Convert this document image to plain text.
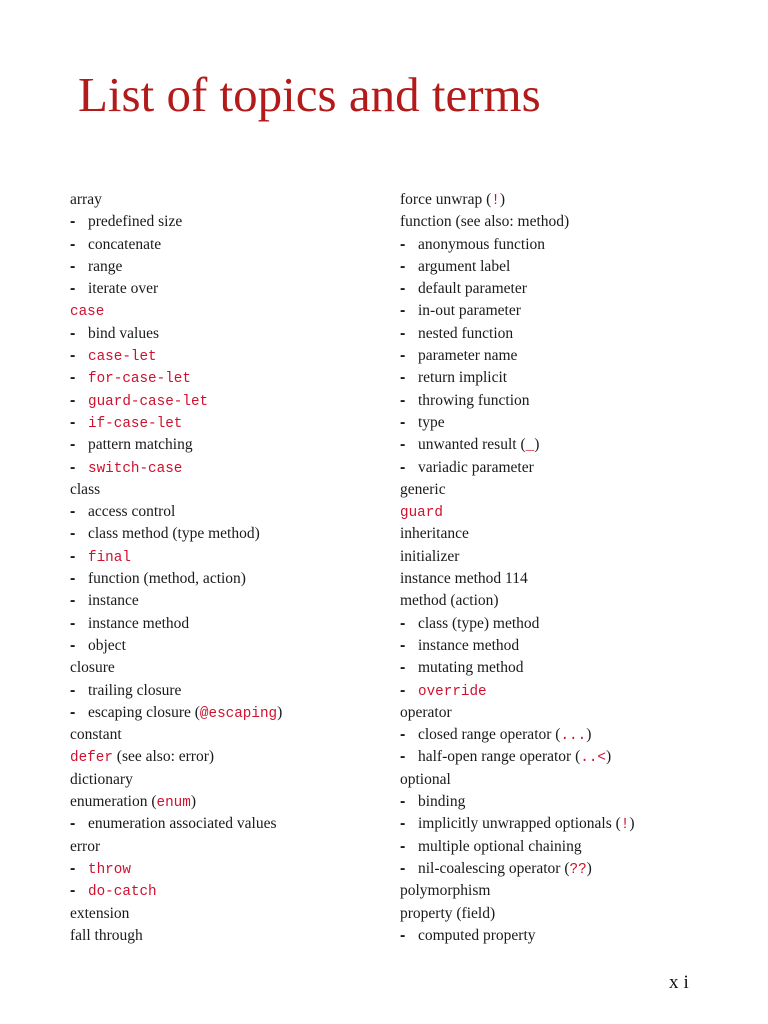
List of topics and terms
array
- predefined size
- concatenate
- range
- iterate over
case
- bind values
- case-let
- for-case-let
- guard-case-let
- if-case-let
- pattern matching
- switch-case
class
- access control
- class method (type method)
- final
- function (method, action)
- instance
- instance method
- object
closure
- trailing closure
- escaping closure (@escaping)
constant
defer (see also: error)
dictionary
enumeration (enum)
- enumeration associated values
error
- throw
- do-catch
extension
fall through
force unwrap (!)
function (see also: method)
- anonymous function
- argument label
- default parameter
- in-out parameter
- nested function
- parameter name
- return implicit
- throwing function
- type
- unwanted result (_)
- variadic parameter
generic
guard
inheritance
initializer
instance method 114
method (action)
- class (type) method
- instance method
- mutating method
- override
operator
- closed range operator (...)
- half-open range operator (..<)
optional
- binding
- implicitly unwrapped optionals (!)
- multiple optional chaining
- nil-coalescing operator (??)
polymorphism
property (field)
- computed property
xi
